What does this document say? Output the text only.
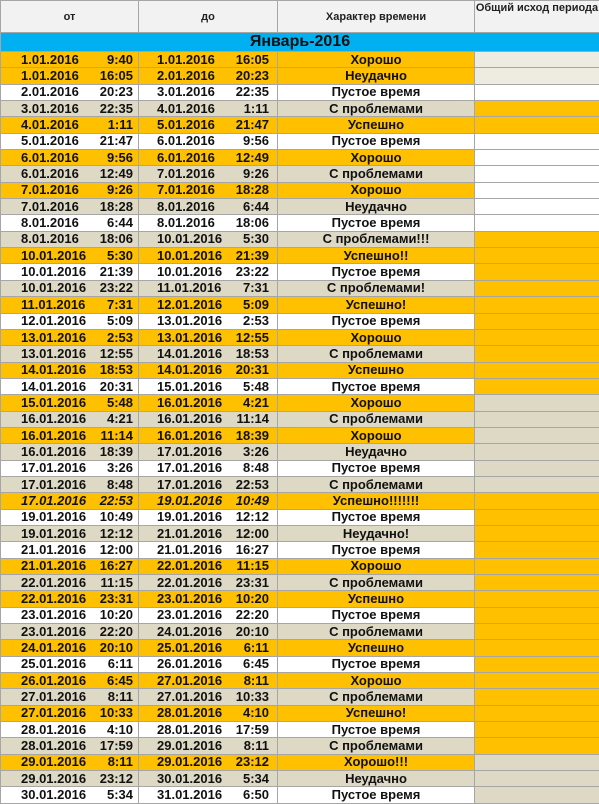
от	до	Характер времени	Общий исход периода
Январь-2016			
1.01.2016 9:40	1.01.2016 16:05	Хорошо	
1.01.2016 16:05	2.01.2016 20:23	Неудачно	
2.01.2016 20:23	3.01.2016 22:35	Пустое время	
3.01.2016 22:35	4.01.2016 1:11	С проблемами	
4.01.2016 1:11	5.01.2016 21:47	Успешно	
5.01.2016 21:47	6.01.2016 9:56	Пустое время	
6.01.2016 9:56	6.01.2016 12:49	Хорошо	
6.01.2016 12:49	7.01.2016 9:26	С проблемами	
7.01.2016 9:26	7.01.2016 18:28	Хорошо	
7.01.2016 18:28	8.01.2016 6:44	Неудачно	
8.01.2016 6:44	8.01.2016 18:06	Пустое время	
8.01.2016 18:06	10.01.2016 5:30	С проблемами!!!	
10.01.2016 5:30	10.01.2016 21:39	Успешно!!	
10.01.2016 21:39	10.01.2016 23:22	Пустое время	
10.01.2016 23:22	11.01.2016 7:31	С проблемами!	
11.01.2016 7:31	12.01.2016 5:09	Успешно!	
12.01.2016 5:09	13.01.2016 2:53	Пустое время	
13.01.2016 2:53	13.01.2016 12:55	Хорошо	
13.01.2016 12:55	14.01.2016 18:53	С проблемами	
14.01.2016 18:53	14.01.2016 20:31	Успешно	
14.01.2016 20:31	15.01.2016 5:48	Пустое время	
15.01.2016 5:48	16.01.2016 4:21	Хорошо	
16.01.2016 4:21	16.01.2016 11:14	С проблемами	
16.01.2016 11:14	16.01.2016 18:39	Хорошо	
16.01.2016 18:39	17.01.2016 3:26	Неудачно	
17.01.2016 3:26	17.01.2016 8:48	Пустое время	
17.01.2016 8:48	17.01.2016 22:53	С проблемами	
17.01.2016 22:53	19.01.2016 10:49	Успешно!!!!!!!	
19.01.2016 10:49	19.01.2016 12:12	Пустое время	
19.01.2016 12:12	21.01.2016 12:00	Неудачно!	
21.01.2016 12:00	21.01.2016 16:27	Пустое время	
21.01.2016 16:27	22.01.2016 11:15	Хорошо	
22.01.2016 11:15	22.01.2016 23:31	С проблемами	
22.01.2016 23:31	23.01.2016 10:20	Успешно	
23.01.2016 10:20	23.01.2016 22:20	Пустое время	
23.01.2016 22:20	24.01.2016 20:10	С проблемами	
24.01.2016 20:10	25.01.2016 6:11	Успешно	
25.01.2016 6:11	26.01.2016 6:45	Пустое время	
26.01.2016 6:45	27.01.2016 8:11	Хорошо	
27.01.2016 8:11	27.01.2016 10:33	С проблемами	
27.01.2016 10:33	28.01.2016 4:10	Успешно!	
28.01.2016 4:10	28.01.2016 17:59	Пустое время	
28.01.2016 17:59	29.01.2016 8:11	С проблемами	
29.01.2016 8:11	29.01.2016 23:12	Хорошо!!!	
29.01.2016 23:12	30.01.2016 5:34	Неудачно	
30.01.2016 5:34	31.01.2016 6:50	Пустое время	
